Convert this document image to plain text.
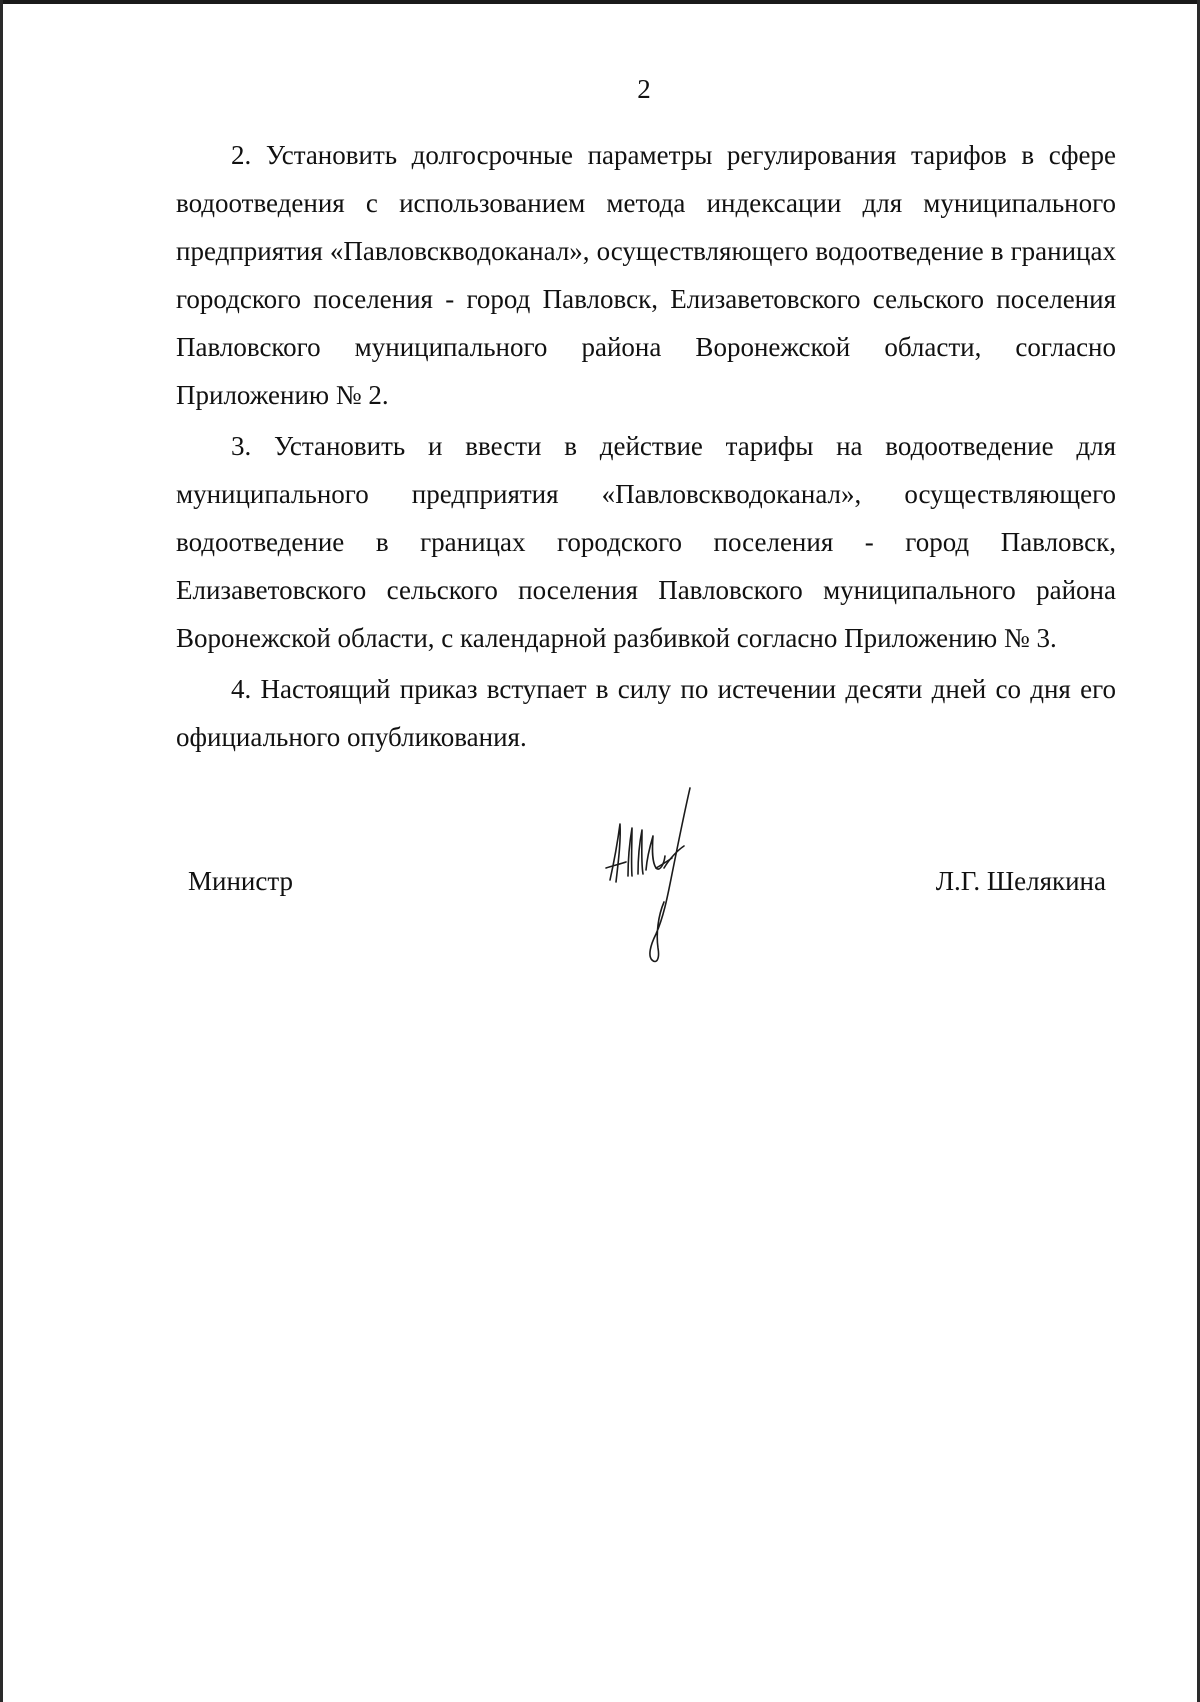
2

2. Установить долгосрочные параметры регулирования тарифов в сфере водоотведения с использованием метода индексации для муниципального предприятия «Павловскводоканал», осуществляющего водоотведение в границах городского поселения - город Павловск, Елизаветовского сельского поселения Павловского муниципального района Воронежской области, согласно Приложению № 2.

3. Установить и ввести в действие тарифы на водоотведение для муниципального предприятия «Павловскводоканал», осуществляющего водоотведение в границах городского поселения - город Павловск, Елизаветовского сельского поселения Павловского муниципального района Воронежской области, с календарной разбивкой согласно Приложению № 3.

4. Настоящий приказ вступает в силу по истечении десяти дней со дня его официального опубликования.

Министр	Л.Г. Шелякина
